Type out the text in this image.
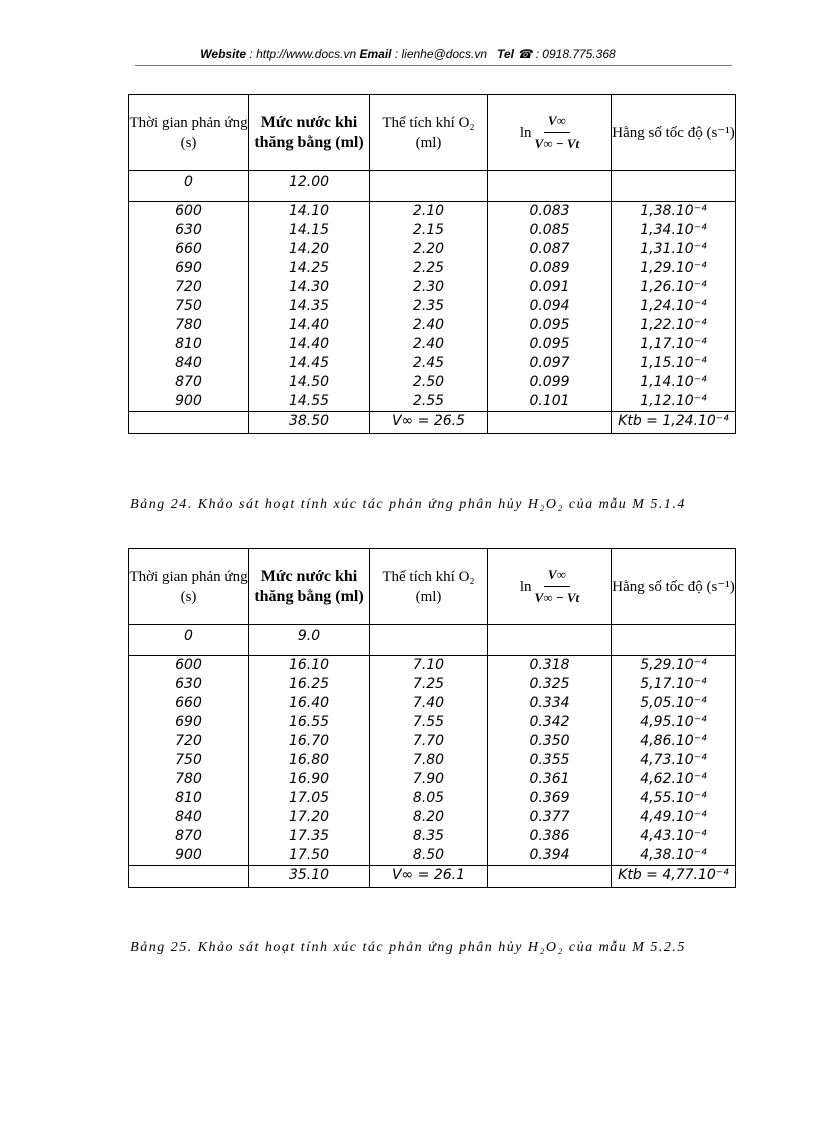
Website : http://www.docs.vn Email : lienhe@docs.vn Tel ☎ : 0918.775.368
Thời gian phản ứng (s)	Mức nước khi thăng bằng (ml)	Thể tích khí O₂ (ml)	$\ln \frac{V\infty}{V\infty - Vt}$	Hằng số tốc độ (s⁻¹)
0	12.00			
600	14.10	2.10	0.083	1,38.10⁻⁴
630	14.15	2.15	0.085	1,34.10⁻⁴
660	14.20	2.20	0.087	1,31.10⁻⁴
690	14.25	2.25	0.089	1,29.10⁻⁴
720	14.30	2.30	0.091	1,26.10⁻⁴
750	14.35	2.35	0.094	1,24.10⁻⁴
780	14.40	2.40	0.095	1,22.10⁻⁴
810	14.40	2.40	0.095	1,17.10⁻⁴
840	14.45	2.45	0.097	1,15.10⁻⁴
870	14.50	2.50	0.099	1,14.10⁻⁴
900	14.55	2.55	0.101	1,12.10⁻⁴
	38.50	V∞ = 26.5		Ktb = 1,24.10⁻⁴
Bảng 24. Khảo sát hoạt tính xúc tác phản ứng phân hủy H₂O₂ của mẫu M 5.1.4
Thời gian phản ứng (s)	Mức nước khi thăng bằng (ml)	Thể tích khí O₂ (ml)	$\ln \frac{V\infty}{V\infty - Vt}$	Hằng số tốc độ (s⁻¹)
0	9.0			
600	16.10	7.10	0.318	5,29.10⁻⁴
630	16.25	7.25	0.325	5,17.10⁻⁴
660	16.40	7.40	0.334	5,05.10⁻⁴
690	16.55	7.55	0.342	4,95.10⁻⁴
720	16.70	7.70	0.350	4,86.10⁻⁴
750	16.80	7.80	0.355	4,73.10⁻⁴
780	16.90	7.90	0.361	4,62.10⁻⁴
810	17.05	8.05	0.369	4,55.10⁻⁴
840	17.20	8.20	0.377	4,49.10⁻⁴
870	17.35	8.35	0.386	4,43.10⁻⁴
900	17.50	8.50	0.394	4,38.10⁻⁴
	35.10	V∞ = 26.1		Ktb = 4,77.10⁻⁴
Bảng 25. Khảo sát hoạt tính xúc tác phản ứng phân hủy H₂O₂ của mẫu M 5.2.5
